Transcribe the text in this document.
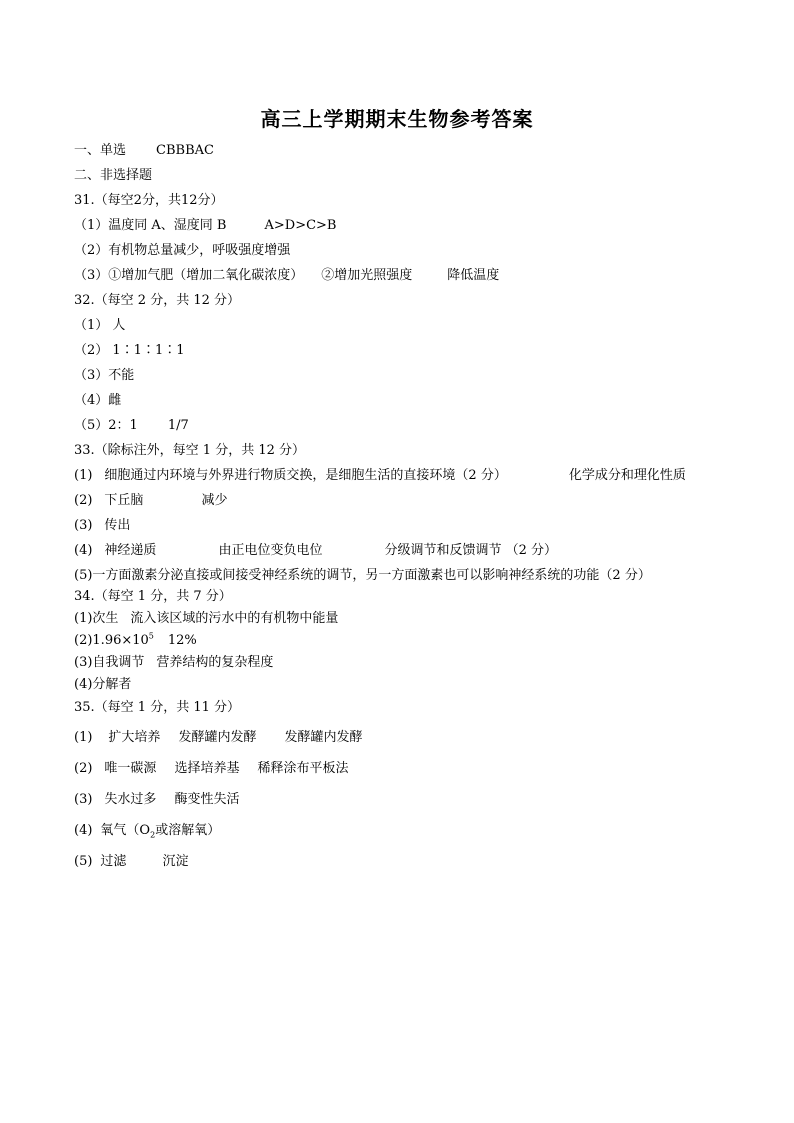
高三上学期期末生物参考答案
一、单选 CBBBAC
二、非选择题
31.（每空2分，共12分）
（1）温度同 A、湿度同 B	A>D>C>B
（2）有机物总量减少，呼吸强度增强
（3）①增加气肥（增加二氧化碳浓度） ②增加光照强度	降低温度
32.（每空 2 分，共 12 分）
（1） 人
（2） 1∶1∶1∶1
（3）不能
（4）雌
（5）2：1 1/7
33.（除标注外，每空 1 分，共 12 分）
(1) 细胞通过内环境与外界进行物质交换，是细胞生活的直接环境（2 分）	化学成分和理化性质
(2) 下丘脑	减少
(3) 传出
(4) 神经递质	由正电位变负电位	分级调节和反馈调节 （2 分）
(5)一方面激素分泌直接或间接受神经系统的调节，另一方面激素也可以影响神经系统的功能（2 分）
34.（每空 1 分，共 7 分）
(1)次生 流入该区域的污水中的有机物中能量
$(2)1.96\times 10^5$ 12%
(3)自我调节 营养结构的复杂程度
(4)分解者
35.（每空 1 分，共 11 分）
(1) 扩大培养 发酵罐内发酵 发酵罐内发酵
(2) 唯一碳源 选择培养基 稀释涂布平板法
(3) 失水过多 酶变性失活
(4) 氧气（$O_2$或溶解氧）
(5) 过滤	沉淀
